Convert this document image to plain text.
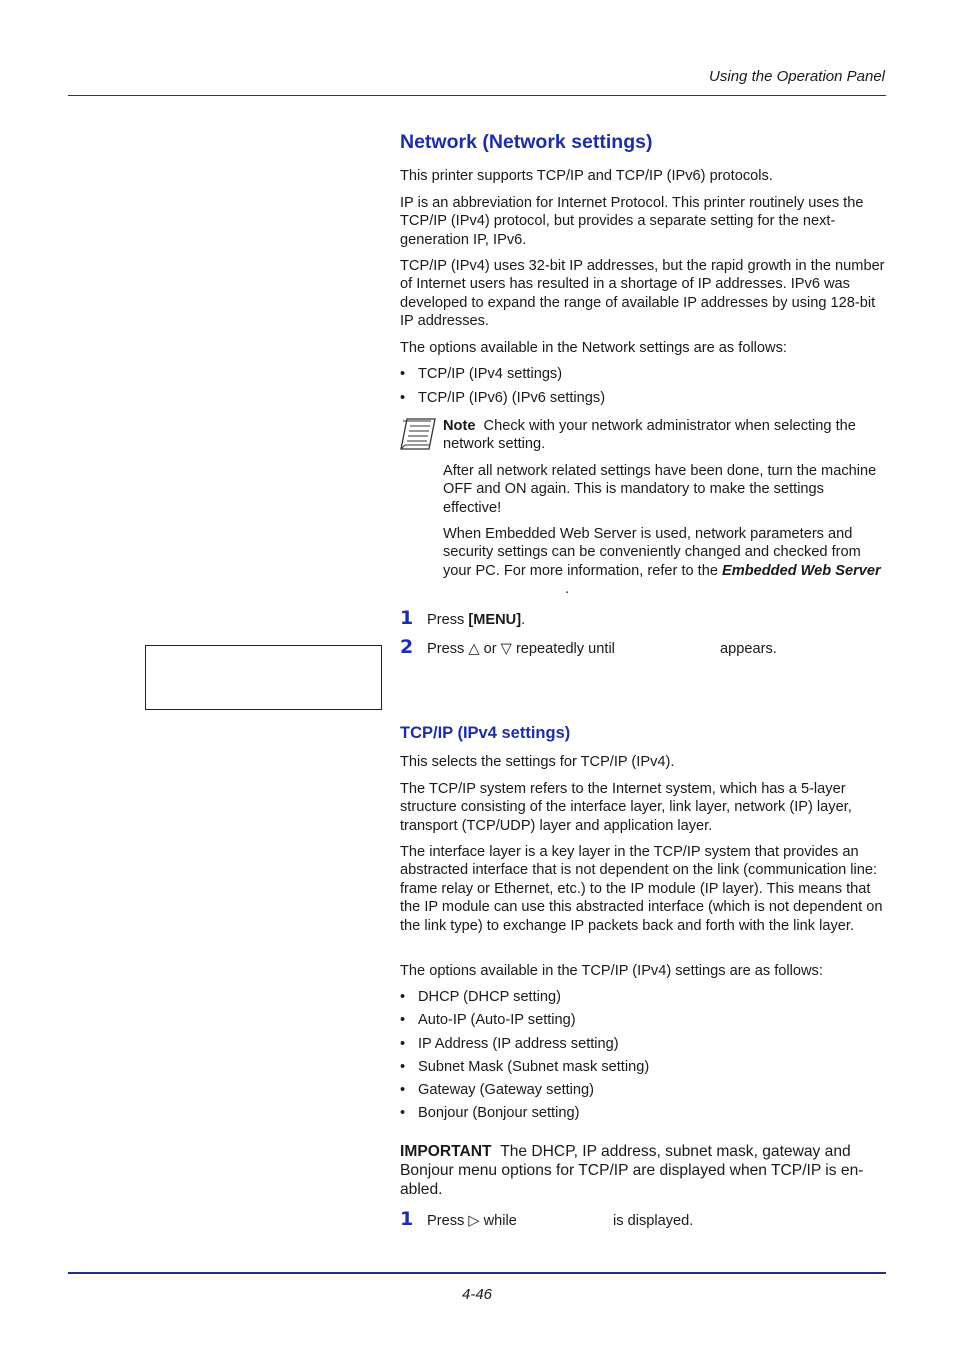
Using the Operation Panel
Network (Network settings)

This printer supports TCP/IP and TCP/IP (IPv6) protocols.

IP is an abbreviation for Internet Protocol. This printer routinely uses the TCP/IP (IPv4) protocol, but provides a separate setting for the next-generation IP, IPv6.

TCP/IP (IPv4) uses 32-bit IP addresses, but the rapid growth in the number of Internet users has resulted in a shortage of IP addresses. IPv6 was developed to expand the range of available IP addresses by using 128-bit IP addresses.

The options available in the Network settings are as follows:

• TCP/IP (IPv4 settings)
• TCP/IP (IPv6) (IPv6 settings)
Note Check with your network administrator when selecting the network setting.
After all network related settings have been done, turn the machine OFF and ON again. This is mandatory to make the settings effective!
When Embedded Web Server is used, network parameters and security settings can be conveniently changed and checked from your PC. For more information, refer to the Embedded Web Server.
1 Press [MENU].
2 Press △ or ▽ repeatedly until	appears.
TCP/IP (IPv4 settings)

This selects the settings for TCP/IP (IPv4).

The TCP/IP system refers to the Internet system, which has a 5-layer structure consisting of the interface layer, link layer, network (IP) layer, transport (TCP/UDP) layer and application layer.

The interface layer is a key layer in the TCP/IP system that provides an abstracted interface that is not dependent on the link (communication line: frame relay or Ethernet, etc.) to the IP module (IP layer). This means that the IP module can use this abstracted interface (which is not dependent on the link type) to exchange IP packets back and forth with the link layer.

The options available in the TCP/IP (IPv4) settings are as follows:

• DHCP (DHCP setting)
• Auto-IP (Auto-IP setting)
• IP Address (IP address setting)
• Subnet Mask (Subnet mask setting)
• Gateway (Gateway setting)
• Bonjour (Bonjour setting)
IMPORTANT The DHCP, IP address, subnet mask, gateway and Bonjour menu options for TCP/IP are displayed when TCP/IP is en-abled.
1 Press ▷ while	is displayed.
4-46
